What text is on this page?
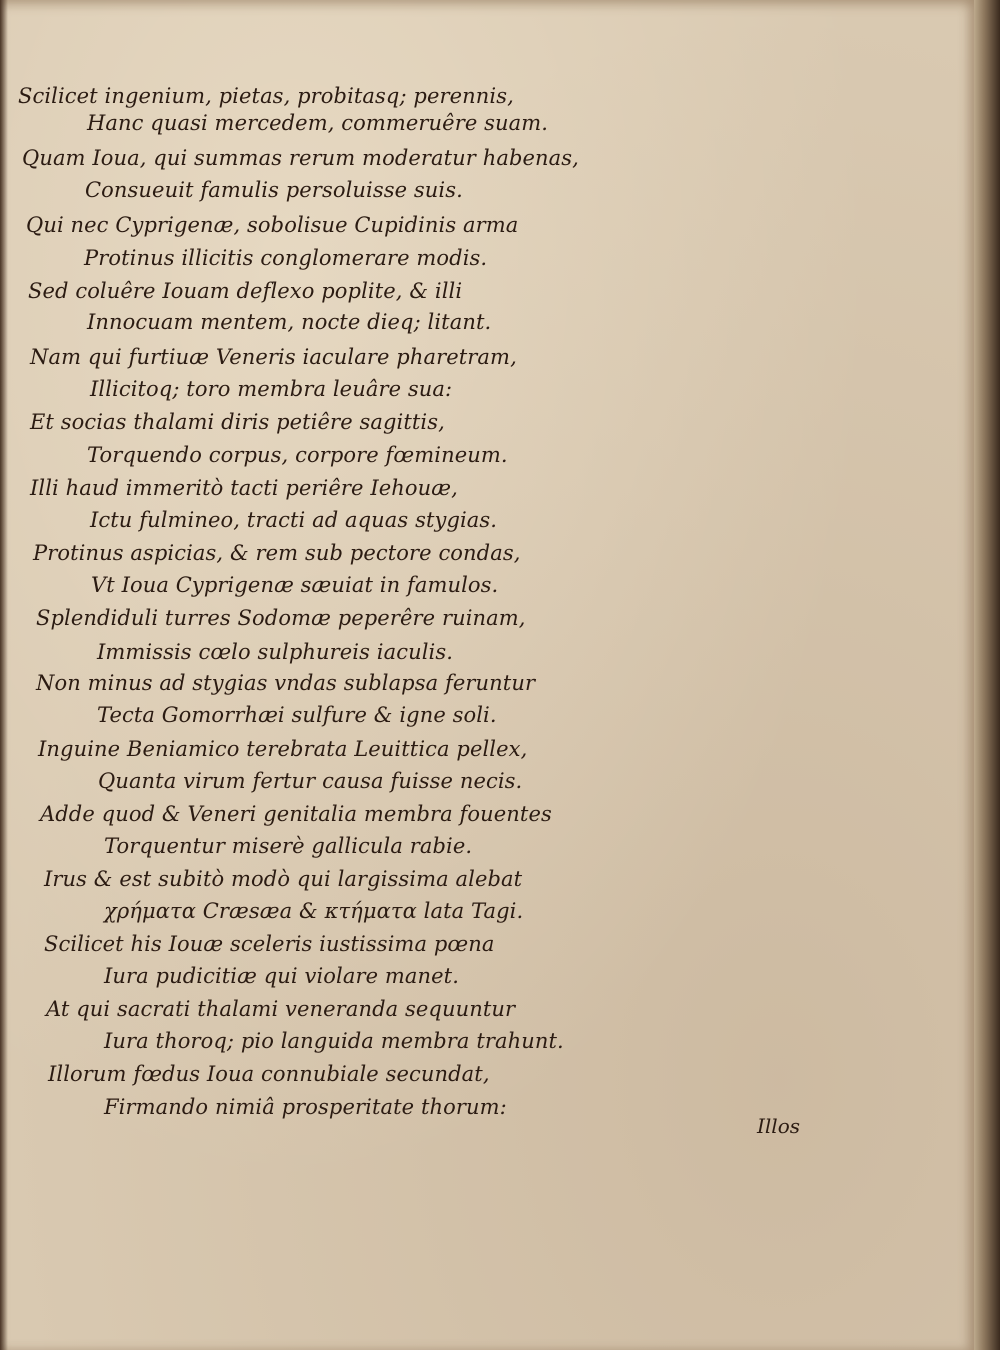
Scilicet ingenium, pietas, probitasq; perennis,
Hanc quasi mercedem, commeruêre suam.
Quam Ioua, qui summas rerum moderatur habenas,
Consueuit famulis persoluisse suis.
Qui nec Cyprigenæ, sobolisue Cupidinis arma
Protinus illicitis conglomerare modis.
Sed coluêre Iouam deflexo poplite, & illi
Innocuam mentem, nocte dieq; litant.
Nam qui furtiuæ Veneris iaculare pharetram,
Illicitoq; toro membra leuâre sua:
Et socias thalami diris petiêre sagittis,
Torquendo corpus, corpore fœmineum.
Illi haud immeritò tacti periêre Iehouæ,
Ictu fulmineo, tracti ad aquas stygias.
Protinus aspicias, & rem sub pectore condas,
Vt Ioua Cyprigenæ sæuiat in famulos.
Splendiduli turres Sodomæ peperêre ruinam,
Immissis cœlo sulphureis iaculis.
Non minus ad stygias vndas sublapsa feruntur
Tecta Gomorrhæi sulfure & igne soli.
Inguine Beniamico terebrata Leuittica pellex,
Quanta virum fertur causa fuisse necis.
Adde quod & Veneri genitalia membra fouentes
Torquentur miserè gallicula rabie.
Irus & est subitò modò qui largissima alebat
χρήματα Cræsæa & κτήματα lata Tagi.
Scilicet his Iouæ sceleris iustissima pœna
Iura pudicitiæ qui violare manet.
At qui sacrati thalami veneranda sequuntur
Iura thoroq; pio languida membra trahunt.
Illorum fœdus Ioua connubiale secundat,
Firmando nimiâ prosperitate thorum:
Illos
